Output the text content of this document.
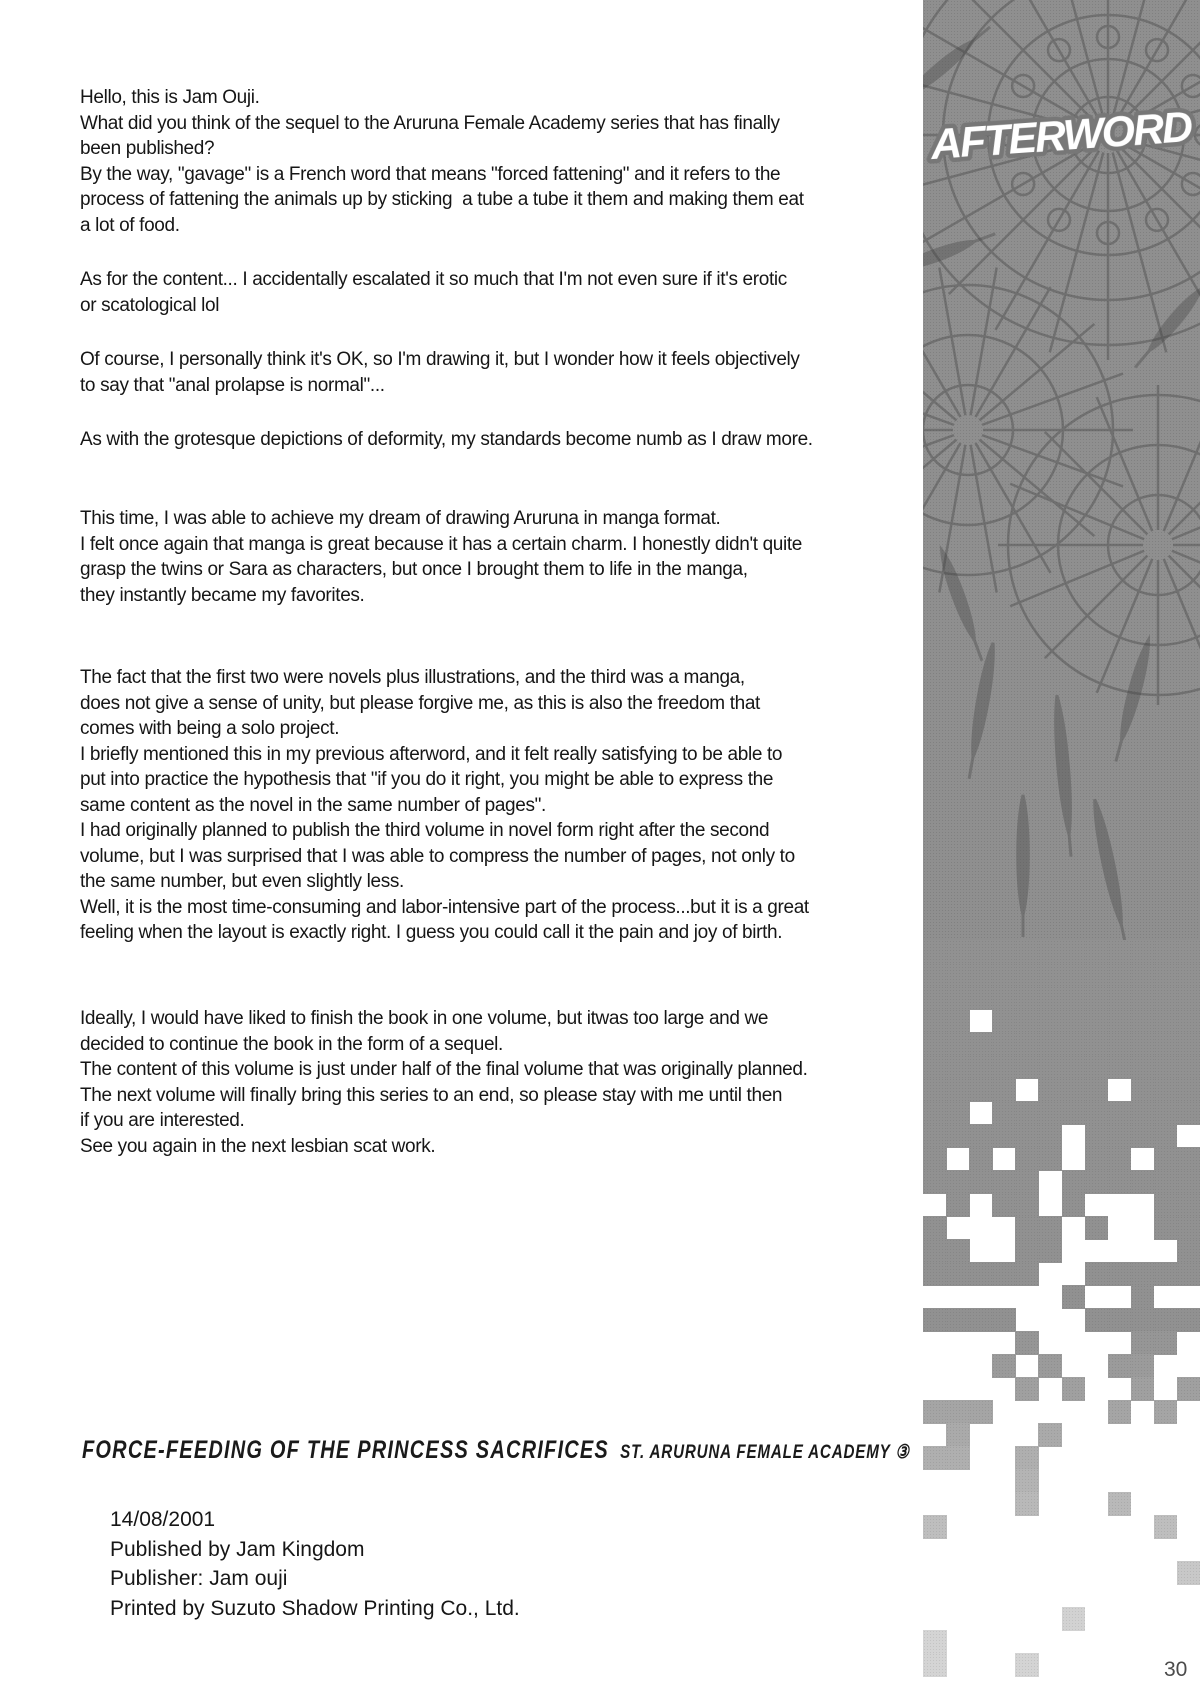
Hello, this is Jam Ouji.
What did you think of the sequel to the Aruruna Female Academy series that has finally
been published?
By the way, "gavage" is a French word that means "forced fattening" and it refers to the
process of fattening the animals up by sticking  a tube a tube it them and making them eat
a lot of food.
As for the content... I accidentally escalated it so much that I'm not even sure if it's erotic
or scatological lol
Of course, I personally think it's OK, so I'm drawing it, but I wonder how it feels objectively
to say that "anal prolapse is normal"...
As with the grotesque depictions of deformity, my standards become numb as I draw more.
This time, I was able to achieve my dream of drawing Aruruna in manga format.
I felt once again that manga is great because it has a certain charm. I honestly didn't quite
grasp the twins or Sara as characters, but once I brought them to life in the manga,
they instantly became my favorites.
The fact that the first two were novels plus illustrations, and the third was a manga,
does not give a sense of unity, but please forgive me, as this is also the freedom that
comes with being a solo project.
I briefly mentioned this in my previous afterword, and it felt really satisfying to be able to
put into practice the hypothesis that "if you do it right, you might be able to express the
same content as the novel in the same number of pages".
I had originally planned to publish the third volume in novel form right after the second
volume, but I was surprised that I was able to compress the number of pages, not only to
the same number, but even slightly less.
Well, it is the most time-consuming and labor-intensive part of the process...but it is a great
feeling when the layout is exactly right. I guess you could call it the pain and joy of birth.
Ideally, I would have liked to finish the book in one volume, but itwas too large and we
decided to continue the book in the form of a sequel.
The content of this volume is just under half of the final volume that was originally planned.
The next volume will finally bring this series to an end, so please stay with me until then
if you are interested.
See you again in the next lesbian scat work.
FORCE-FEEDING OF THE PRINCESS SACRIFICES ST. ARURUNA FEMALE ACADEMY ③
14/08/2001
Published by Jam Kingdom
Publisher: Jam ouji
Printed by Suzuto Shadow Printing Co., Ltd.
AFTERWORD
30
